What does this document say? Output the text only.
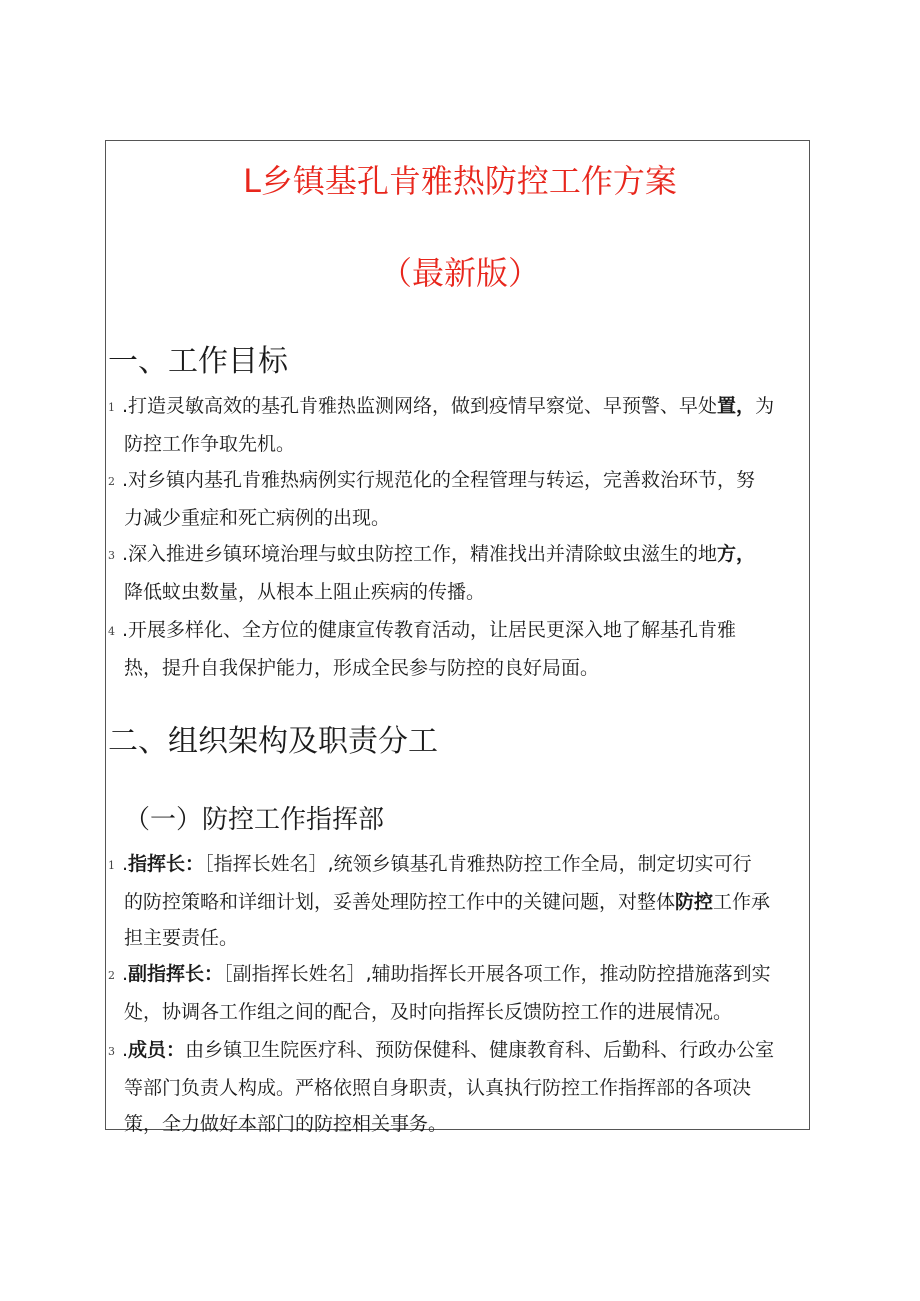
L乡镇基孔肯雅热防控工作方案
（最新版）
一、工作目标
1 .打造灵敏高效的基孔肯雅热监测网络，做到疫情早察觉、早预警、早处置，为
防控工作争取先机。
2 .对乡镇内基孔肯雅热病例实行规范化的全程管理与转运，完善救治环节，努
力减少重症和死亡病例的出现。
3 .深入推进乡镇环境治理与蚊虫防控工作，精准找出并清除蚊虫滋生的地方，
降低蚊虫数量，从根本上阻止疾病的传播。
4 .开展多样化、全方位的健康宣传教育活动，让居民更深入地了解基孔肯雅
热，提升自我保护能力，形成全民参与防控的良好局面。
二、组织架构及职责分工
（一）防控工作指挥部
1 .指挥长：［指挥长姓名］,统领乡镇基孔肯雅热防控工作全局，制定切实可行
的防控策略和详细计划，妥善处理防控工作中的关键问题，对整体防控工作承
担主要责任。
2 .副指挥长：［副指挥长姓名］,辅助指挥长开展各项工作，推动防控措施落到实
处，协调各工作组之间的配合，及时向指挥长反馈防控工作的进展情况。
3 .成员：由乡镇卫生院医疗科、预防保健科、健康教育科、后勤科、行政办公室
等部门负责人构成。严格依照自身职责，认真执行防控工作指挥部的各项决
策，全力做好本部门的防控相关事务。
